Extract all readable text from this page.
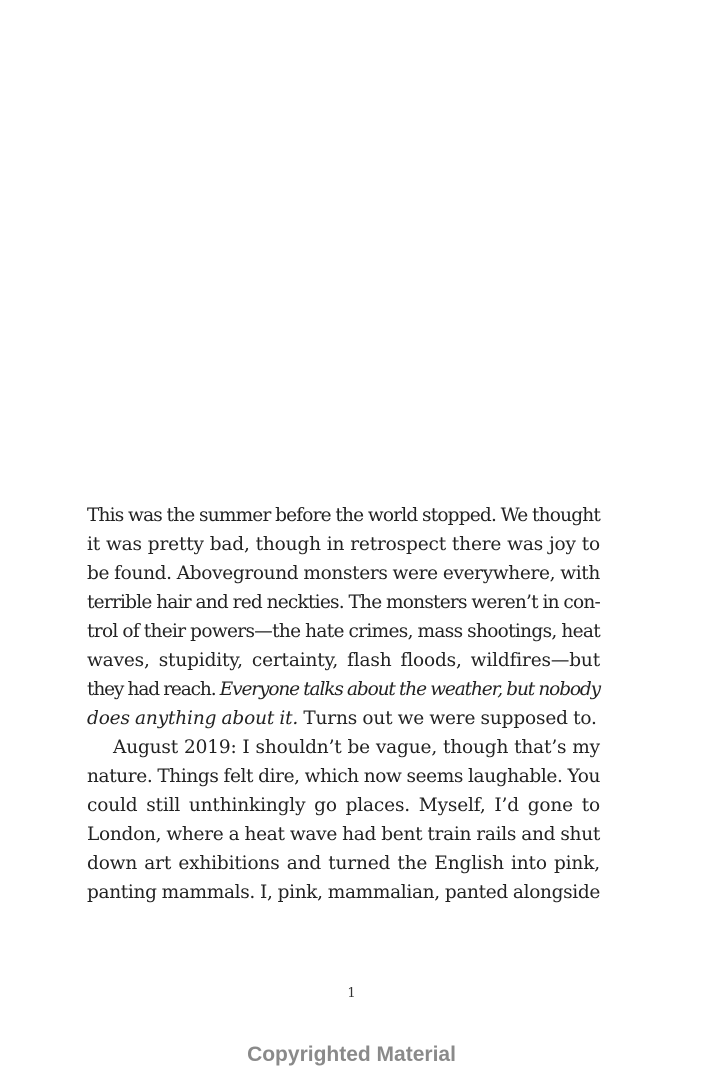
This was the summer before the world stopped. We thought
it was pretty bad, though in retrospect there was joy to
be found. Aboveground monsters were everywhere, with
terrible hair and red neckties. The monsters weren’t in con-
trol of their powers—the hate crimes, mass shootings, heat
waves, stupidity, certainty, flash floods, wildfires—but
they had reach. Everyone talks about the weather, but nobody
does anything about it. Turns out we were supposed to.
August 2019: I shouldn’t be vague, though that’s my
nature. Things felt dire, which now seems laughable. You
could still unthinkingly go places. Myself, I’d gone to
London, where a heat wave had bent train rails and shut
down art exhibitions and turned the English into pink,
panting mammals. I, pink, mammalian, panted alongside
1
Copyrighted Material
